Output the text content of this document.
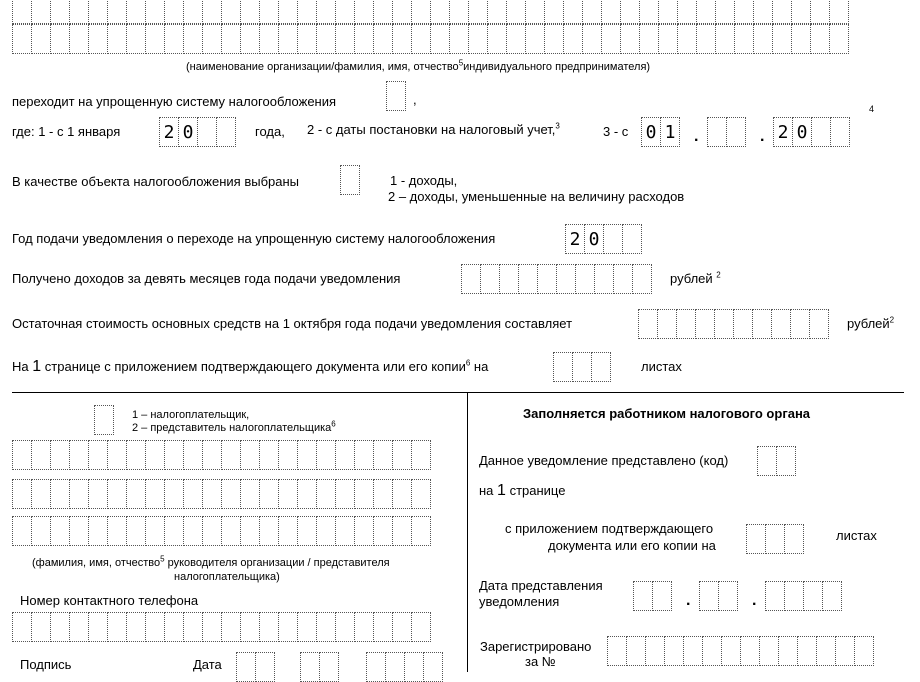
(наименование организации/фамилия, имя, отчество$^5$индивидуального предпринимателя)
переходит на упрощенную систему налогообложения	,
где: 1 - с 1 января 2 0	года, 2 - с даты постановки на налоговый учет,$^3$	3 - с 0 1 .	. 2 0
4
В качестве объекта налогообложения выбраны	1 - доходы,
2 – доходы, уменьшенные на величину расходов
Год подачи уведомления о переходе на упрощенную систему налогообложения	2 0
Получено доходов за девять месяцев года подачи уведомления	рублей $^2$
Остаточная стоимость основных средств на 1 октября года подачи уведомления составляет	рублей$^2$
На 1 странице с приложением подтверждающего документа или его копии$^6$ на	листах
1 – налогоплательщик,
2 – представитель налогоплательщика$^6$
(фамилия, имя, отчество$^5$ руководителя организации / представителя
налогоплательщика)
Номер контактного телефона
Подпись	Дата
Заполняется работником налогового органа
Данное уведомление представлено (код)
на 1 странице
с приложением подтверждающего
документа или его копии на
листах
Дата представления
уведомления	.	.
Зарегистрировано
за №
